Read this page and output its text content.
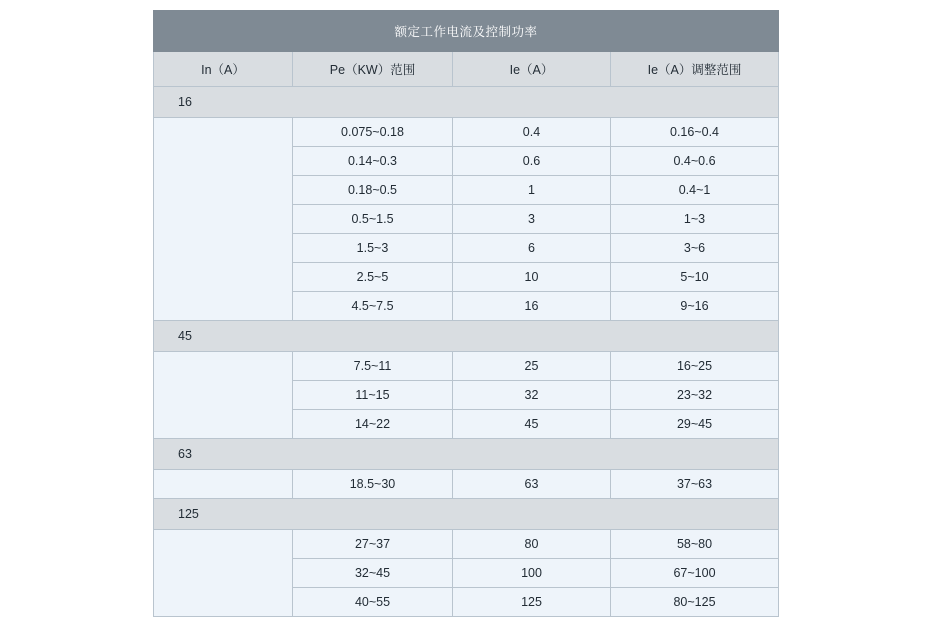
额定工作电流及控制功率			
In（A）	Pe（KW）范围	Ie（A）	Ie（A）调整范围
16			
	0.075~0.18	0.4	0.16~0.4
	0.14~0.3	0.6	0.4~0.6
	0.18~0.5	1	0.4~1
	0.5~1.5	3	1~3
	1.5~3	6	3~6
	2.5~5	10	5~10
	4.5~7.5	16	9~16
45			
	7.5~11	25	16~25
	11~15	32	23~32
	14~22	45	29~45
63			
	18.5~30	63	37~63
125			
	27~37	80	58~80
	32~45	100	67~100
	40~55	125	80~125
